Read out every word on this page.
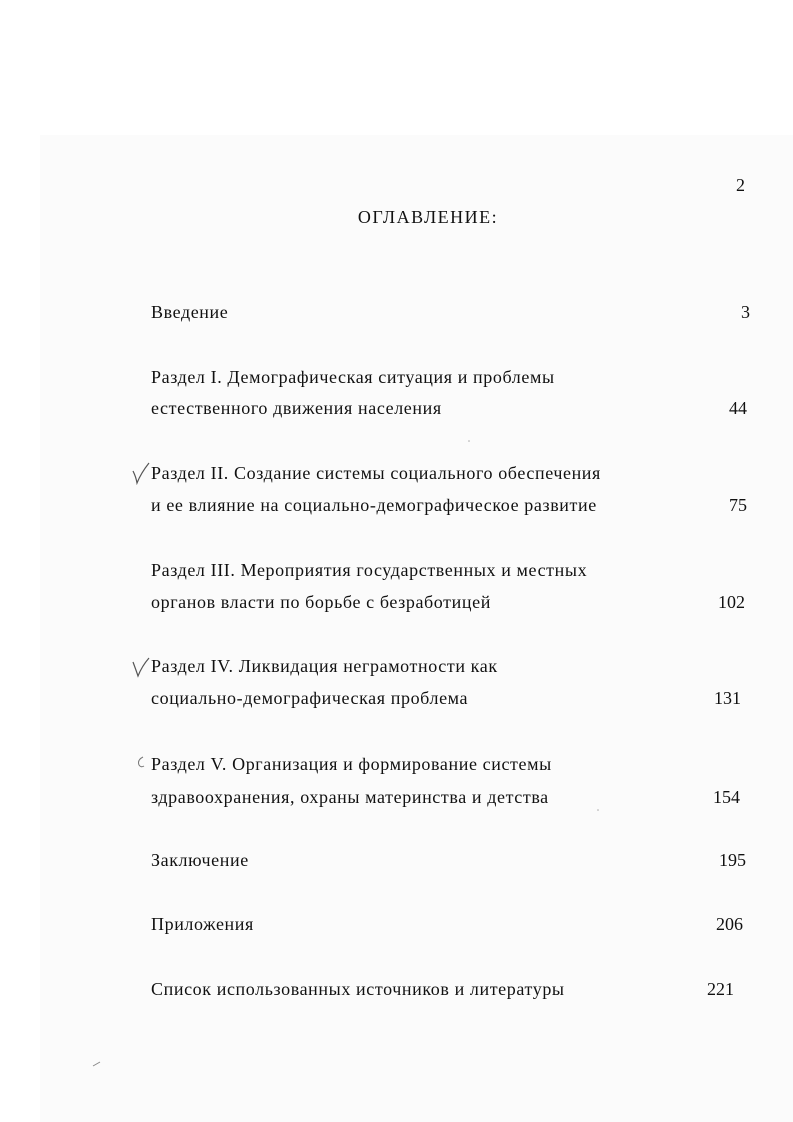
2
ОГЛАВЛЕНИЕ:
Введение	3
Раздел I. Демографическая ситуация и проблемы
естественного движения населения	44
Раздел II. Создание системы социального обеспечения
и ее влияние на социально-демографическое развитие	75
Раздел III. Мероприятия государственных и местных
органов власти по борьбе с безработицей	102
Раздел IV. Ликвидация неграмотности как
социально-демографическая проблема	131
Раздел V. Организация и формирование системы
здравоохранения, охраны материнства и детства	154
Заключение	195
Приложения	206
Список использованных источников и литературы	221
